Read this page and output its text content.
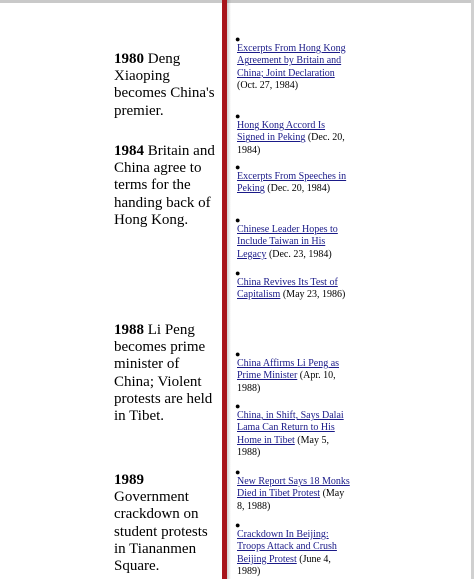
1980 Deng Xiaoping becomes China's premier.
1984 Britain and China agree to terms for the handing back of Hong Kong.
1988 Li Peng becomes prime minister of China; Violent protests are held in Tibet.
1989 Government crackdown on student protests in Tiananmen Square.
●
Excerpts From Hong Kong Agreement by Britain and China; Joint Declaration (Oct. 27, 1984)
●
Hong Kong Accord Is Signed in Peking (Dec. 20, 1984)
●
Excerpts From Speeches in Peking (Dec. 20, 1984)
●
Chinese Leader Hopes to Include Taiwan in His Legacy (Dec. 23, 1984)
●
China Revives Its Test of Capitalism (May 23, 1986)
●
China Affirms Li Peng as Prime Minister (Apr. 10, 1988)
●
China, in Shift, Says Dalai Lama Can Return to His Home in Tibet (May 5, 1988)
●
New Report Says 18 Monks Died in Tibet Protest (May 8, 1988)
●
Crackdown In Beijing: Troops Attack and Crush Beijing Protest (June 4, 1989)
